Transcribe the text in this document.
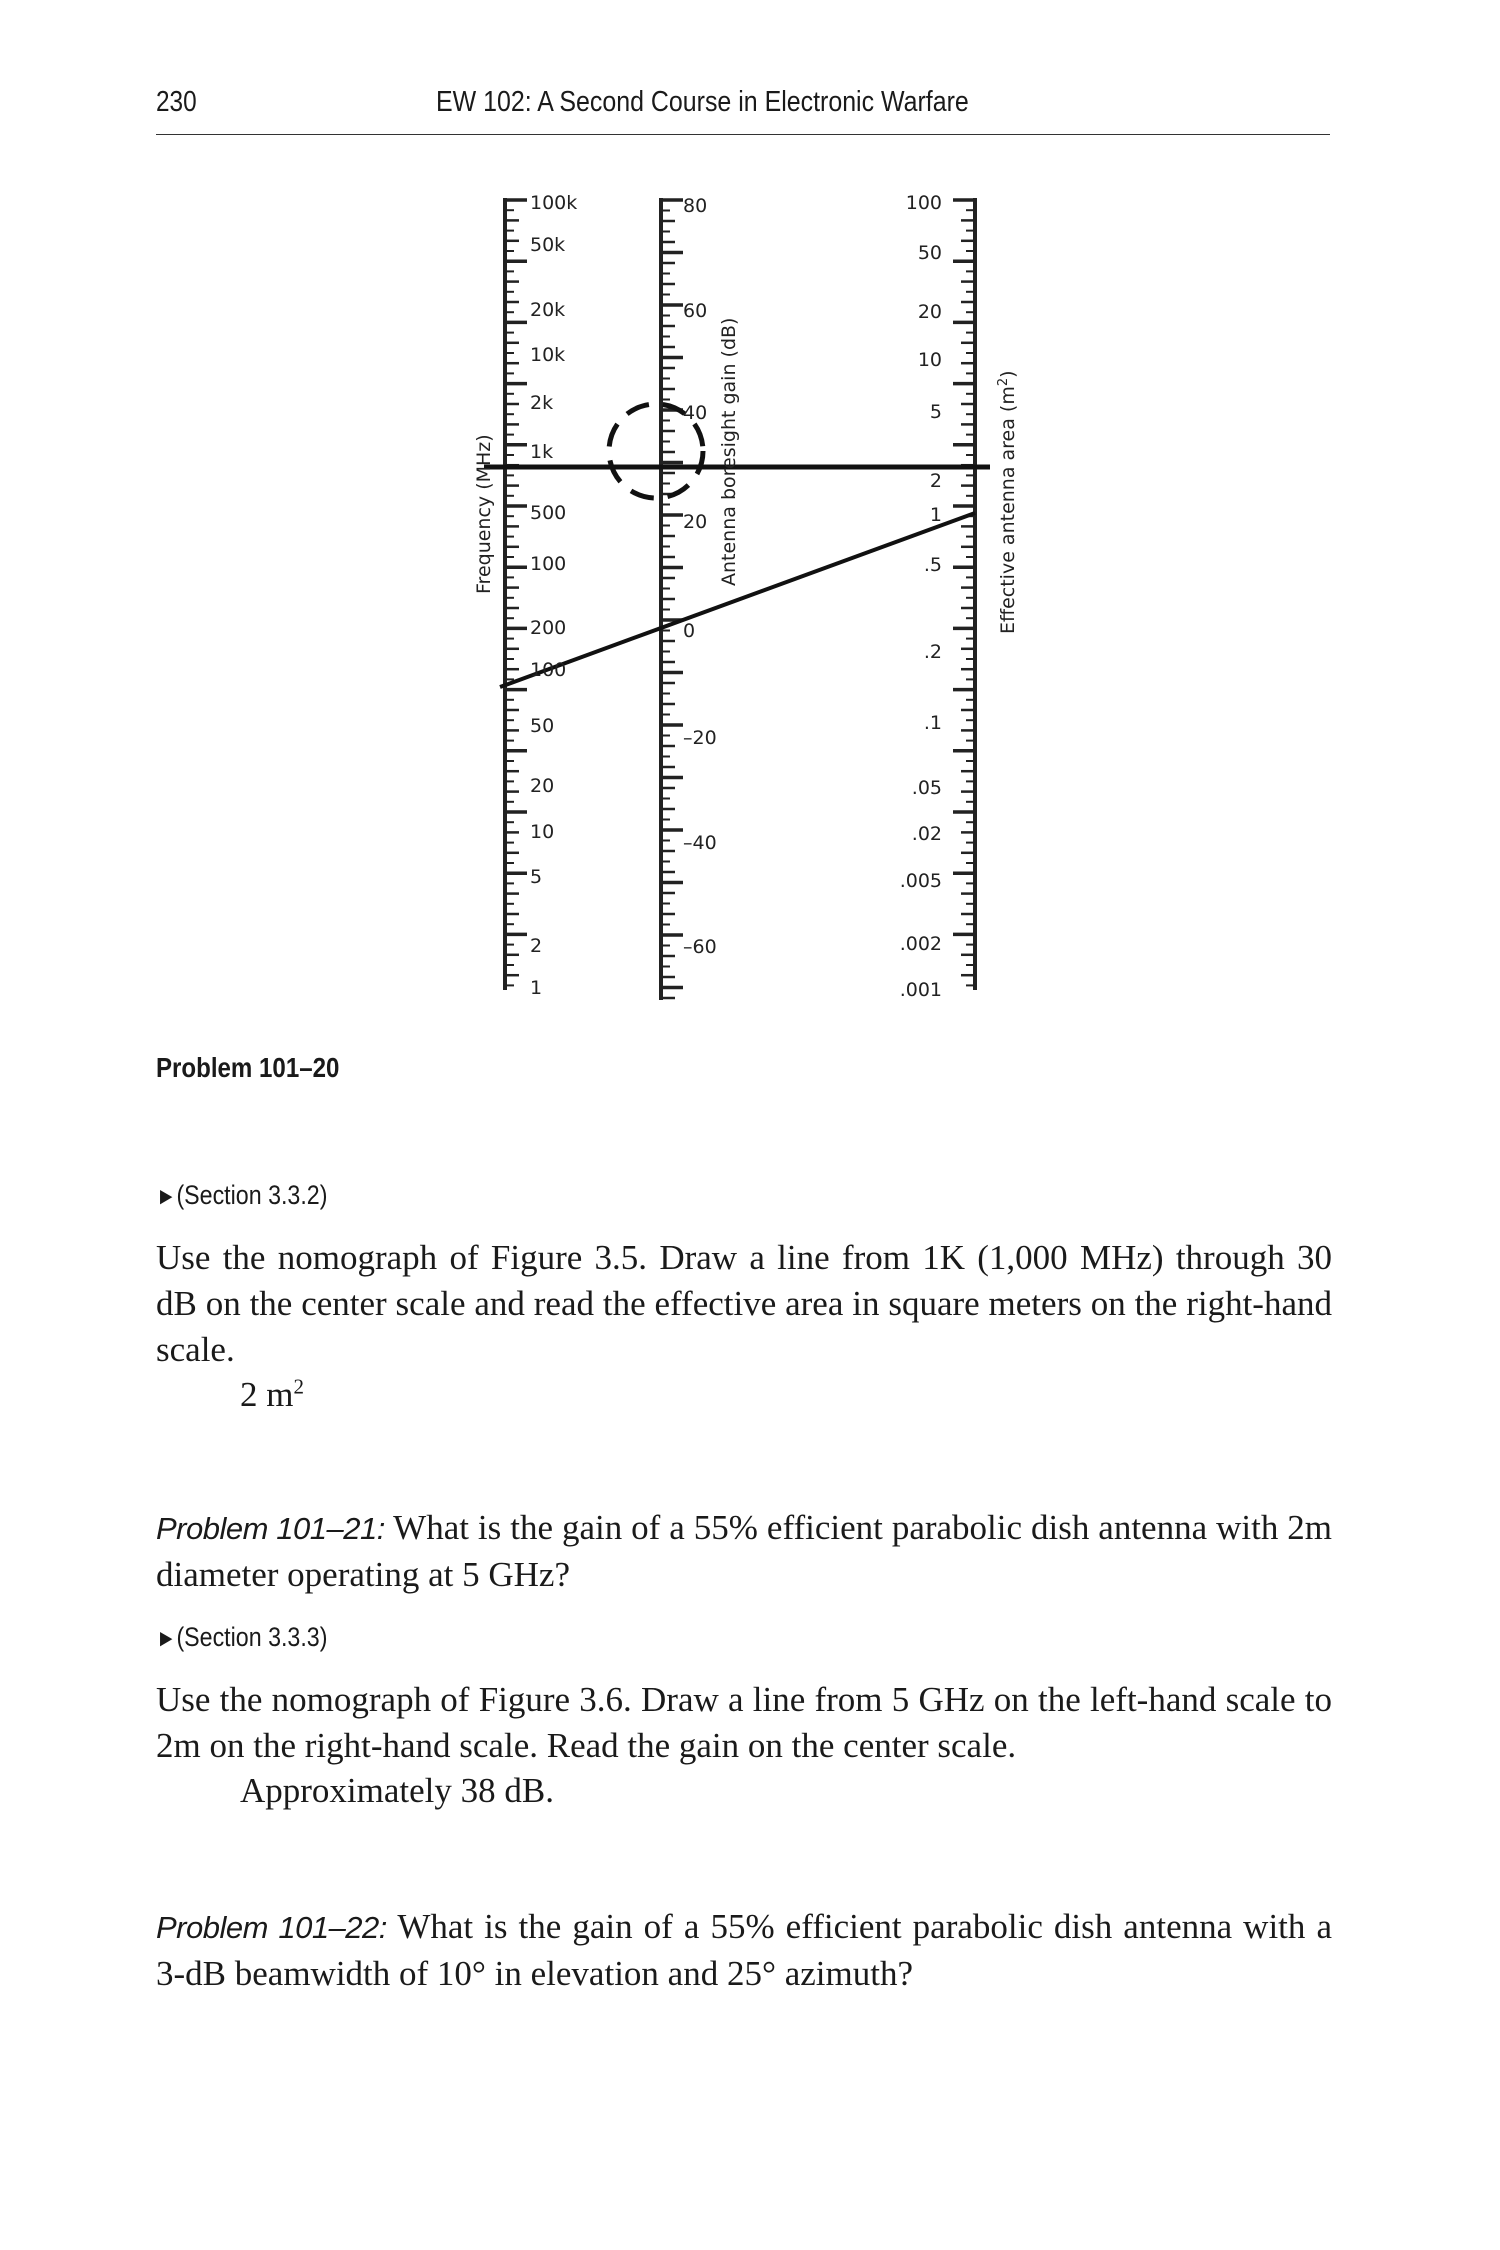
230	EW 102: A Second Course in Electronic Warfare
Frequency (MHz)	Antenna boresight gain (dB)	Effective antenna area $(m^2)$
100k
50k
20k
10k
2k
1k
500
100
200
100
50
20
10
5
2
1
80
60
40
20
0
–20
–40
–60
100
50
20
10
5
2
1
.5
.2
.1
.05
.02
.005
.002
.001
Problem 101–20
►(Section 3.3.2)
Use the nomograph of Figure 3.5. Draw a line from 1K (1,000 MHz) through 30 dB on the center scale and read the effective area in square meters on the right-hand scale.
2 $m^2$
Problem 101–21: What is the gain of a 55% efficient parabolic dish antenna with 2m diameter operating at 5 GHz?
►(Section 3.3.3)
Use the nomograph of Figure 3.6. Draw a line from 5 GHz on the left-hand scale to 2m on the right-hand scale. Read the gain on the center scale.
Approximately 38 dB.
Problem 101–22: What is the gain of a 55% efficient parabolic dish antenna with a 3-dB beamwidth of 10° in elevation and 25° azimuth?
